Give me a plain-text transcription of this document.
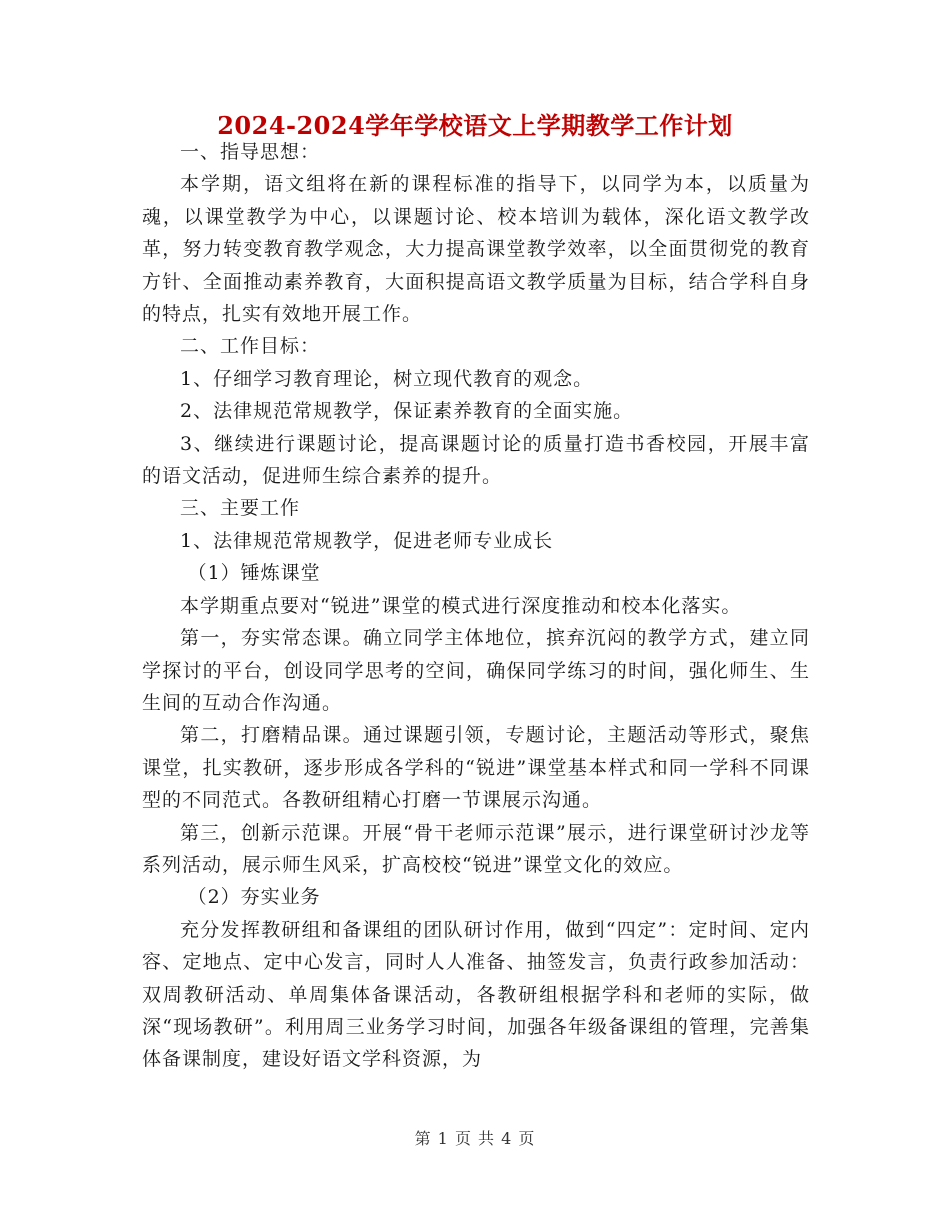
2024-2024学年学校语文上学期教学工作计划

一、指导思想：

本学期，语文组将在新的课程标准的指导下，以同学为本，以质量为魂，以课堂教学为中心，以课题讨论、校本培训为载体，深化语文教学改革，努力转变教育教学观念，大力提高课堂教学效率，以全面贯彻党的教育方针、全面推动素养教育，大面积提高语文教学质量为目标，结合学科自身的特点，扎实有效地开展工作。

二、工作目标：

1、仔细学习教育理论，树立现代教育的观念。

2、法律规范常规教学，保证素养教育的全面实施。

3、继续进行课题讨论，提高课题讨论的质量打造书香校园，开展丰富的语文活动，促进师生综合素养的提升。

三、主要工作

1、法律规范常规教学，促进老师专业成长

（1）锤炼课堂

本学期重点要对“锐进”课堂的模式进行深度推动和校本化落实。

第一，夯实常态课。确立同学主体地位，摈弃沉闷的教学方式，建立同学探讨的平台，创设同学思考的空间，确保同学练习的时间，强化师生、生生间的互动合作沟通。

第二，打磨精品课。通过课题引领，专题讨论，主题活动等形式，聚焦课堂，扎实教研，逐步形成各学科的“锐进”课堂基本样式和同一学科不同课型的不同范式。各教研组精心打磨一节课展示沟通。

第三，创新示范课。开展“骨干老师示范课”展示，进行课堂研讨沙龙等系列活动，展示师生风采，扩高校校“锐进”课堂文化的效应。

（2）夯实业务

充分发挥教研组和备课组的团队研讨作用，做到“四定”：定时间、定内容、定地点、定中心发言，同时人人准备、抽签发言，负责行政参加活动：双周教研活动、单周集体备课活动，各教研组根据学科和老师的实际，做深“现场教研”。利用周三业务学习时间，加强各年级备课组的管理，完善集体备课制度，建设好语文学科资源，为

第 1 页 共 4 页
